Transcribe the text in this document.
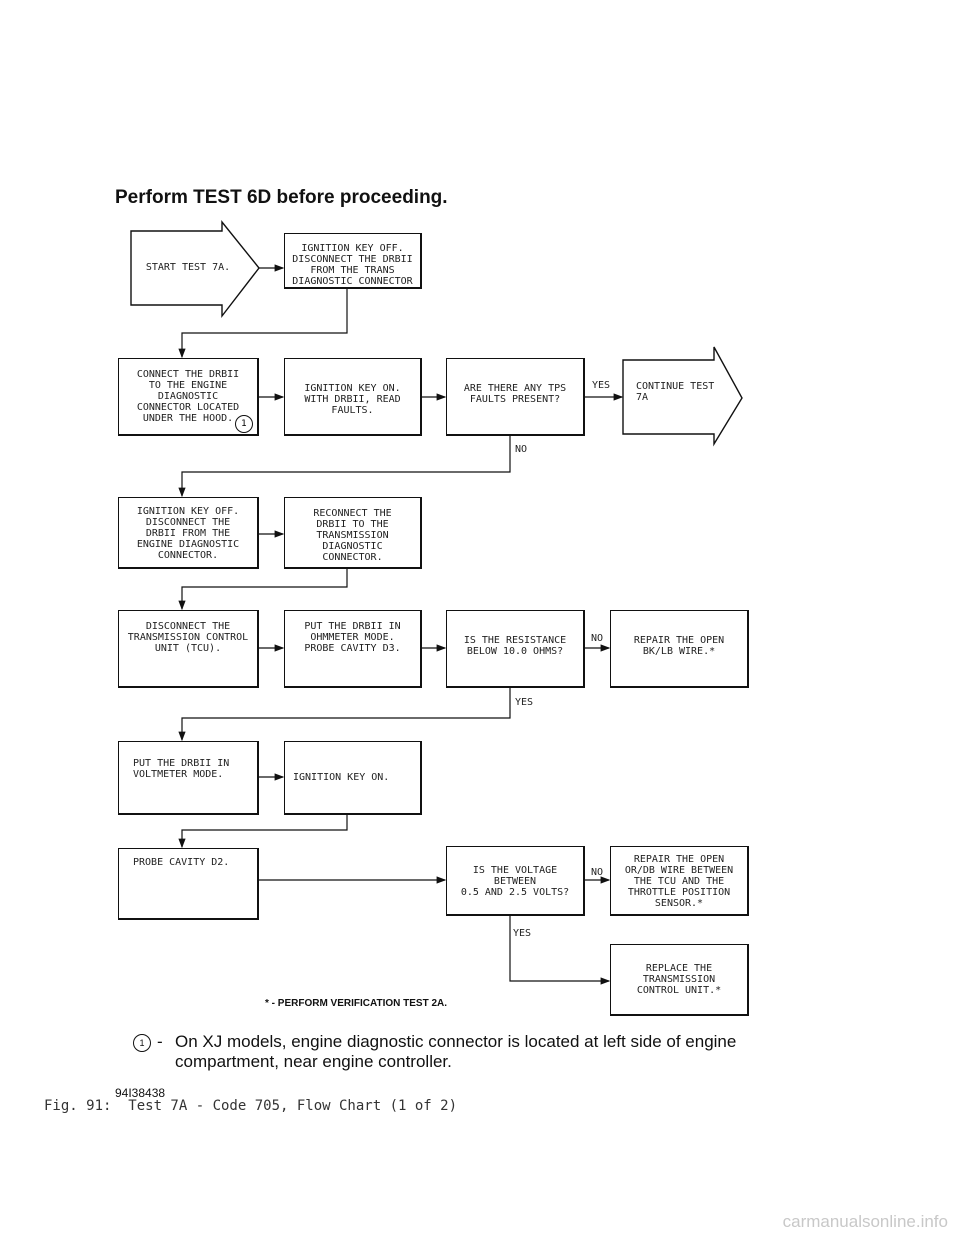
Perform TEST 6D before proceeding.
START TEST 7A.
IGNITION KEY OFF.
DISCONNECT THE DRBII
FROM THE TRANS
DIAGNOSTIC CONNECTOR
CONNECT THE DRBII
TO THE ENGINE
DIAGNOSTIC
CONNECTOR LOCATED
UNDER THE HOOD. 1
IGNITION KEY ON.
WITH DRBII, READ
FAULTS.
ARE THERE ANY TPS
FAULTS PRESENT?
CONTINUE TEST
7A
IGNITION KEY OFF.
DISCONNECT THE
DRBII FROM THE
ENGINE DIAGNOSTIC
CONNECTOR.
RECONNECT THE
DRBII TO THE
TRANSMISSION
DIAGNOSTIC
CONNECTOR.
DISCONNECT THE
TRANSMISSION CONTROL
UNIT (TCU).
PUT THE DRBII IN
OHMMETER MODE.
PROBE CAVITY D3.
IS THE RESISTANCE
BELOW 10.0 OHMS?
REPAIR THE OPEN
BK/LB WIRE.*
PUT THE DRBII IN
VOLTMETER MODE.	IGNITION KEY ON.
PROBE CAVITY D2.
IS THE VOLTAGE
BETWEEN
0.5 AND 2.5 VOLTS?
REPAIR THE OPEN
OR/DB WIRE BETWEEN
THE TCU AND THE
THROTTLE POSITION
SENSOR.*
REPLACE THE
TRANSMISSION
CONTROL UNIT.*
YES
NO
NO
YES
NO
YES
* - PERFORM VERIFICATION TEST 2A.
1 - On XJ models, engine diagnostic connector is located at left side of engine compartment, near engine controller.
94I38438
Fig. 91:  Test 7A - Code 705, Flow Chart (1 of 2)
carmanualsonline.info
